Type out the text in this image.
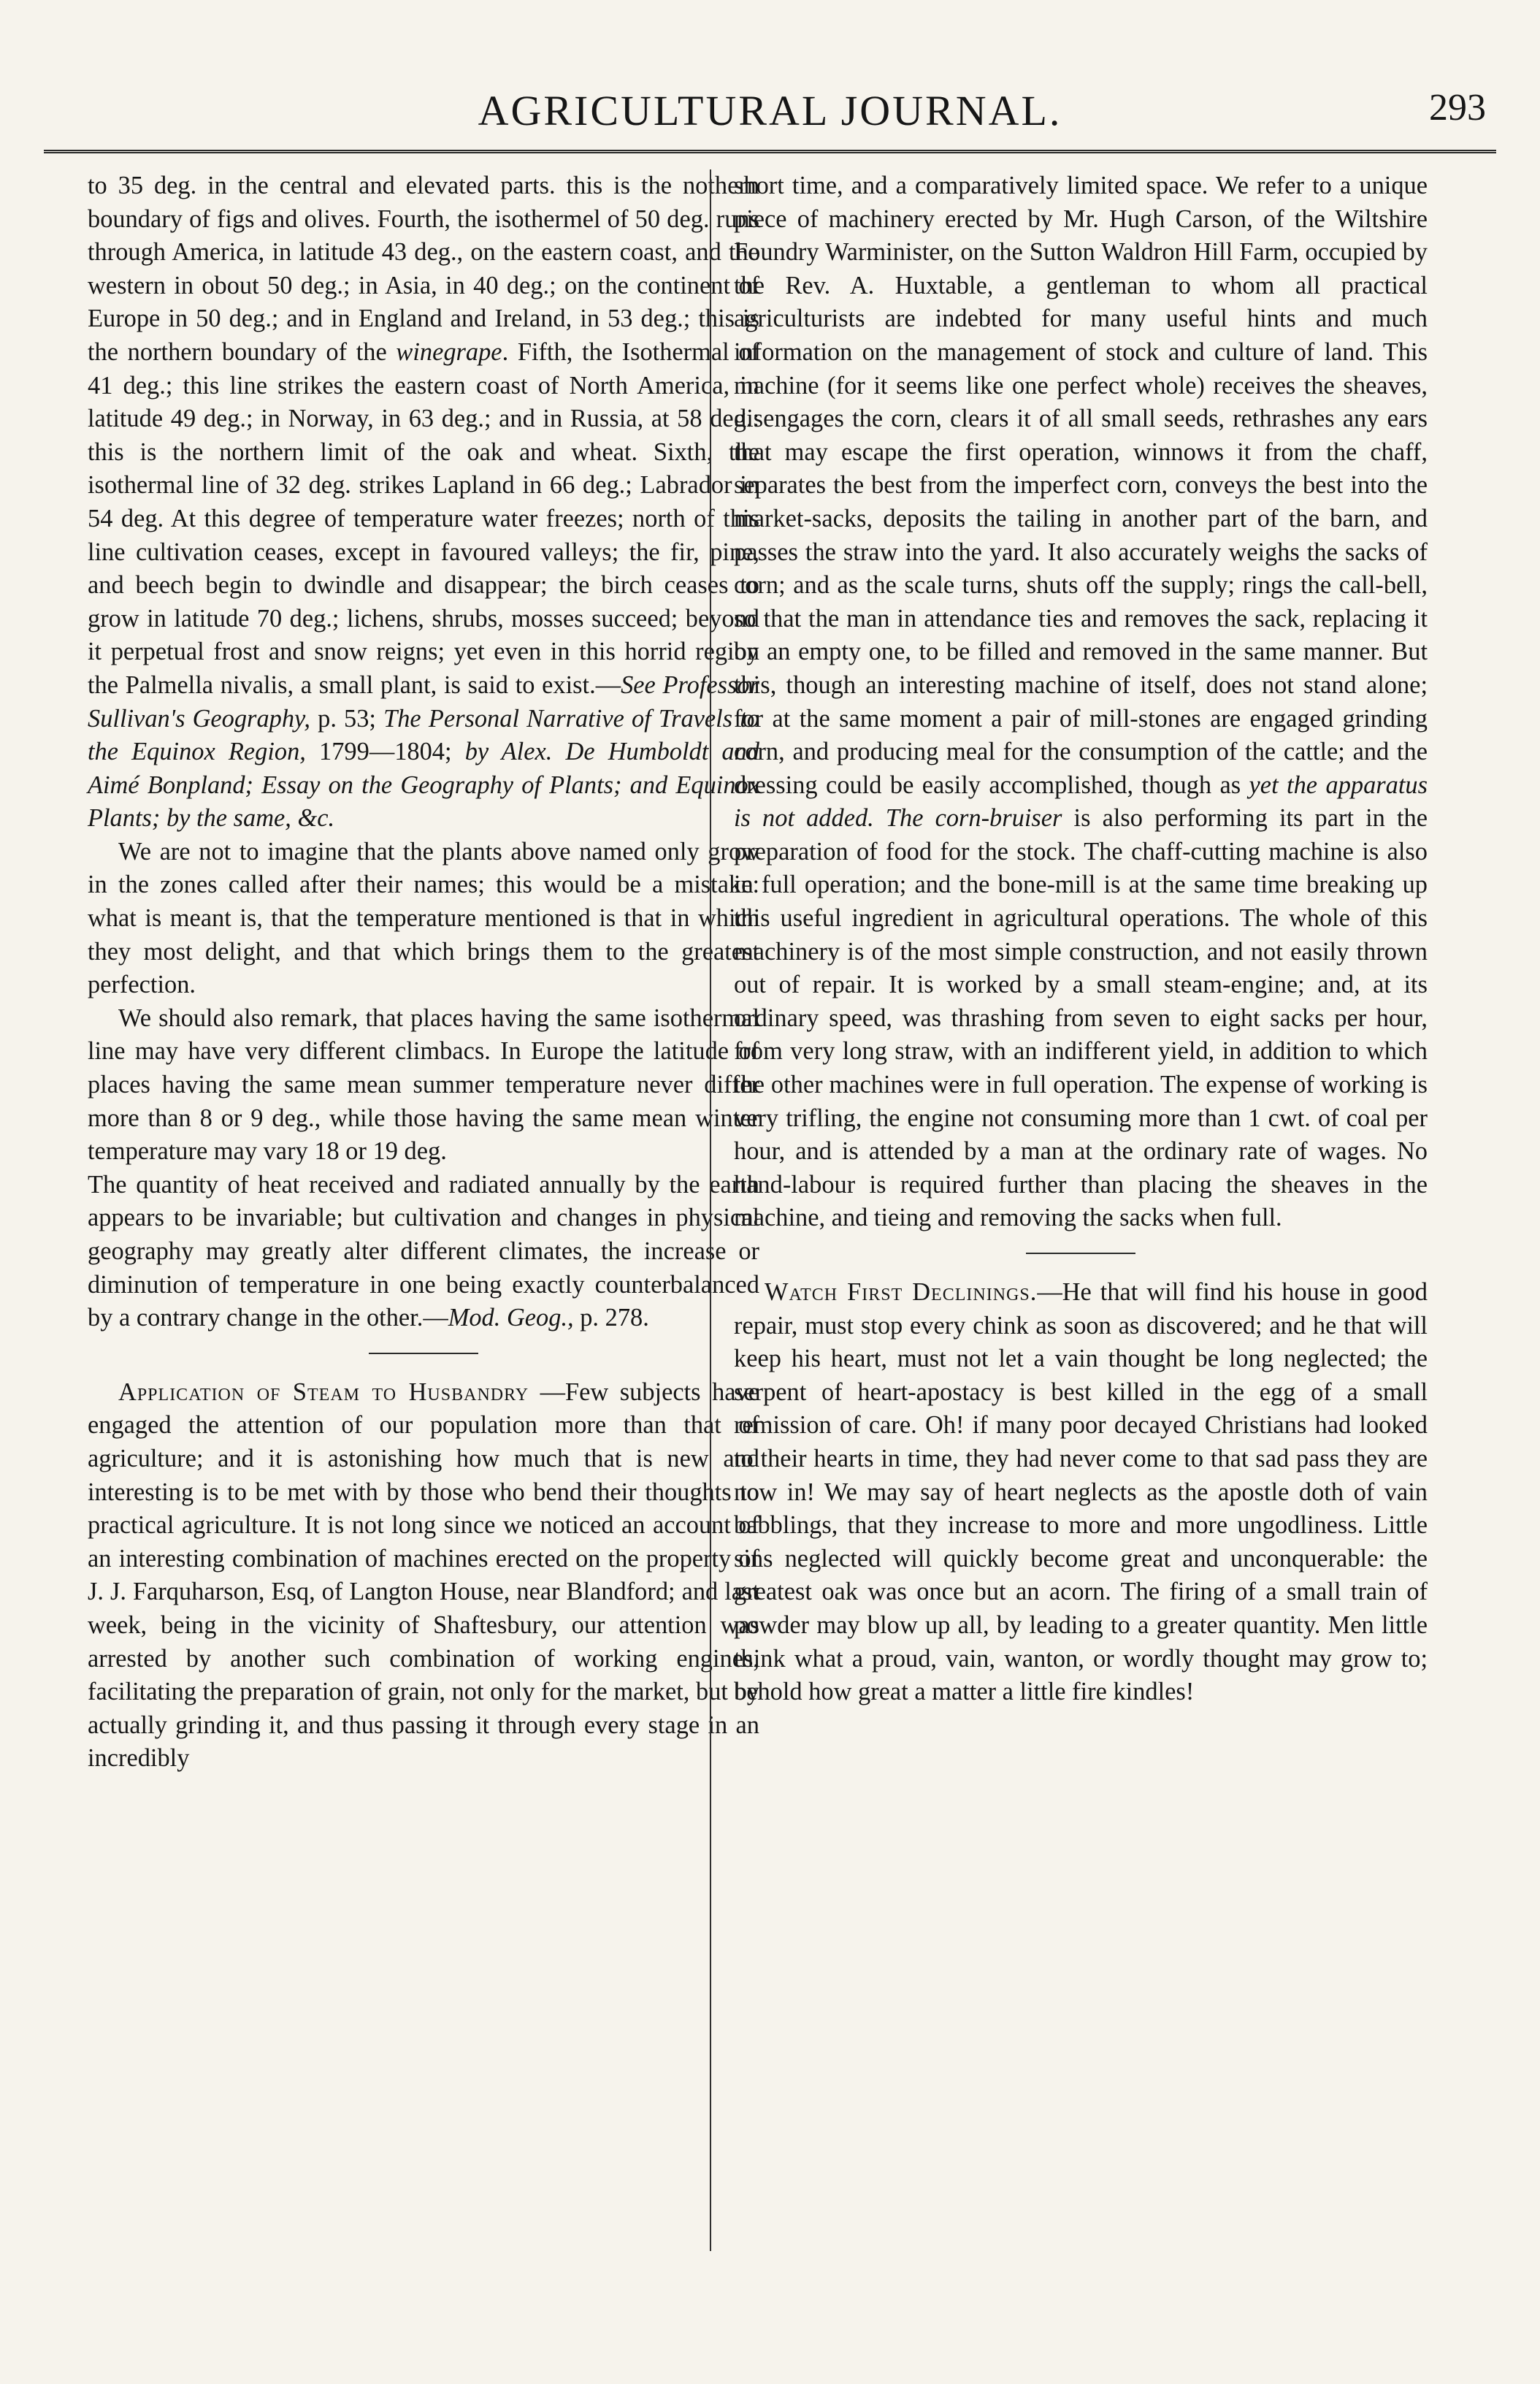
AGRICULTURAL JOURNAL.	293

to 35 deg. in the central and elevated parts. this is the nothern boundary of figs and olives. Fourth, the isothermel of 50 deg. runs through America, in latitude 43 deg., on the eastern coast, and the western in obout 50 deg.; in Asia, in 40 deg.; on the continent of Europe in 50 deg.; and in England and Ireland, in 53 deg.; this is the northern boundary of the winegrape. Fifth, the Isothermal of 41 deg.; this line strikes the eastern coast of North America, in latitude 49 deg.; in Norway, in 63 deg.; and in Russia, at 58 deg.: this is the northern limit of the oak and wheat. Sixth, the isothermal line of 32 deg. strikes Lapland in 66 deg.; Labrador in 54 deg. At this degree of temperature water freezes; north of this line cultivation ceases, except in favoured valleys; the fir, pine, and beech begin to dwindle and disappear; the birch ceases to grow in latitude 70 deg.; lichens, shrubs, mosses succeed; beyond it perpetual frost and snow reigns; yet even in this horrid region the Palmella nivalis, a small plant, is said to exist.—See Professor Sullivan's Geography, p. 53; The Personal Narrative of Travels to the Equinox Region, 1799—1804; by Alex. De Humboldt and Aimé Bonpland; Essay on the Geography of Plants; and Equinox Plants; by the same, &c.

We are not to imagine that the plants above named only grow in the zones called after their names; this would be a mistake: what is meant is, that the temperature mentioned is that in which they most delight, and that which brings them to the greatest perfection.

We should also remark, that places having the same isothermal line may have very different climbacs. In Europe the latitude of places having the same mean summer temperature never differ more than 8 or 9 deg., while those having the same mean winter temperature may vary 18 or 19 deg.

The quantity of heat received and radiated annually by the earth appears to be invariable; but cultivation and changes in physical geography may greatly alter different climates, the increase or diminution of temperature in one being exactly counterbalanced by a contrary change in the other.—Mod. Geog., p. 278.

Application of Steam to Husbandry —Few subjects have engaged the attention of our population more than that of agriculture; and it is astonishing how much that is new and interesting is to be met with by those who bend their thoughts to practical agriculture. It is not long since we noticed an account of an interesting combination of machines erected on the property of J. J. Farquharson, Esq, of Langton House, near Blandford; and last week, being in the vicinity of Shaftesbury, our attention was arrested by another such combination of working engines, facilitating the preparation of grain, not only for the market, but by actually grinding it, and thus passing it through every stage in an incredibly

short time, and a comparatively limited space. We refer to a unique piece of machinery erected by Mr. Hugh Carson, of the Wiltshire Foundry Warminister, on the Sutton Waldron Hill Farm, occupied by the Rev. A. Huxtable, a gentleman to whom all practical agriculturists are indebted for many useful hints and much information on the management of stock and culture of land. This machine (for it seems like one perfect whole) receives the sheaves, disengages the corn, clears it of all small seeds, rethrashes any ears that may escape the first operation, winnows it from the chaff, separates the best from the imperfect corn, conveys the best into the market-sacks, deposits the tailing in another part of the barn, and passes the straw into the yard. It also accurately weighs the sacks of corn; and as the scale turns, shuts off the supply; rings the call-bell, so that the man in attendance ties and removes the sack, replacing it by an empty one, to be filled and removed in the same manner. But this, though an interesting machine of itself, does not stand alone; for at the same moment a pair of mill-stones are engaged grinding corn, and producing meal for the consumption of the cattle; and the dressing could be easily accomplished, though as yet the apparatus is not added. The corn-bruiser is also performing its part in the preparation of food for the stock. The chaff-cutting machine is also in full operation; and the bone-mill is at the same time breaking up this useful ingredient in agricultural operations. The whole of this machinery is of the most simple construction, and not easily thrown out of repair. It is worked by a small steam-engine; and, at its ordinary speed, was thrashing from seven to eight sacks per hour, from very long straw, with an indifferent yield, in addition to which the other machines were in full operation. The expense of working is very trifling, the engine not consuming more than 1 cwt. of coal per hour, and is attended by a man at the ordinary rate of wages. No hand-labour is required further than placing the sheaves in the machine, and tieing and removing the sacks when full.

Watch First Declinings.—He that will find his house in good repair, must stop every chink as soon as discovered; and he that will keep his heart, must not let a vain thought be long neglected; the serpent of heart-apostacy is best killed in the egg of a small remission of care. Oh! if many poor decayed Christians had looked to their hearts in time, they had never come to that sad pass they are now in! We may say of heart neglects as the apostle doth of vain babblings, that they increase to more and more ungodliness. Little sins neglected will quickly become great and unconquerable: the greatest oak was once but an acorn. The firing of a small train of powder may blow up all, by leading to a greater quantity. Men little think what a proud, vain, wanton, or wordly thought may grow to; behold how great a matter a little fire kindles!
